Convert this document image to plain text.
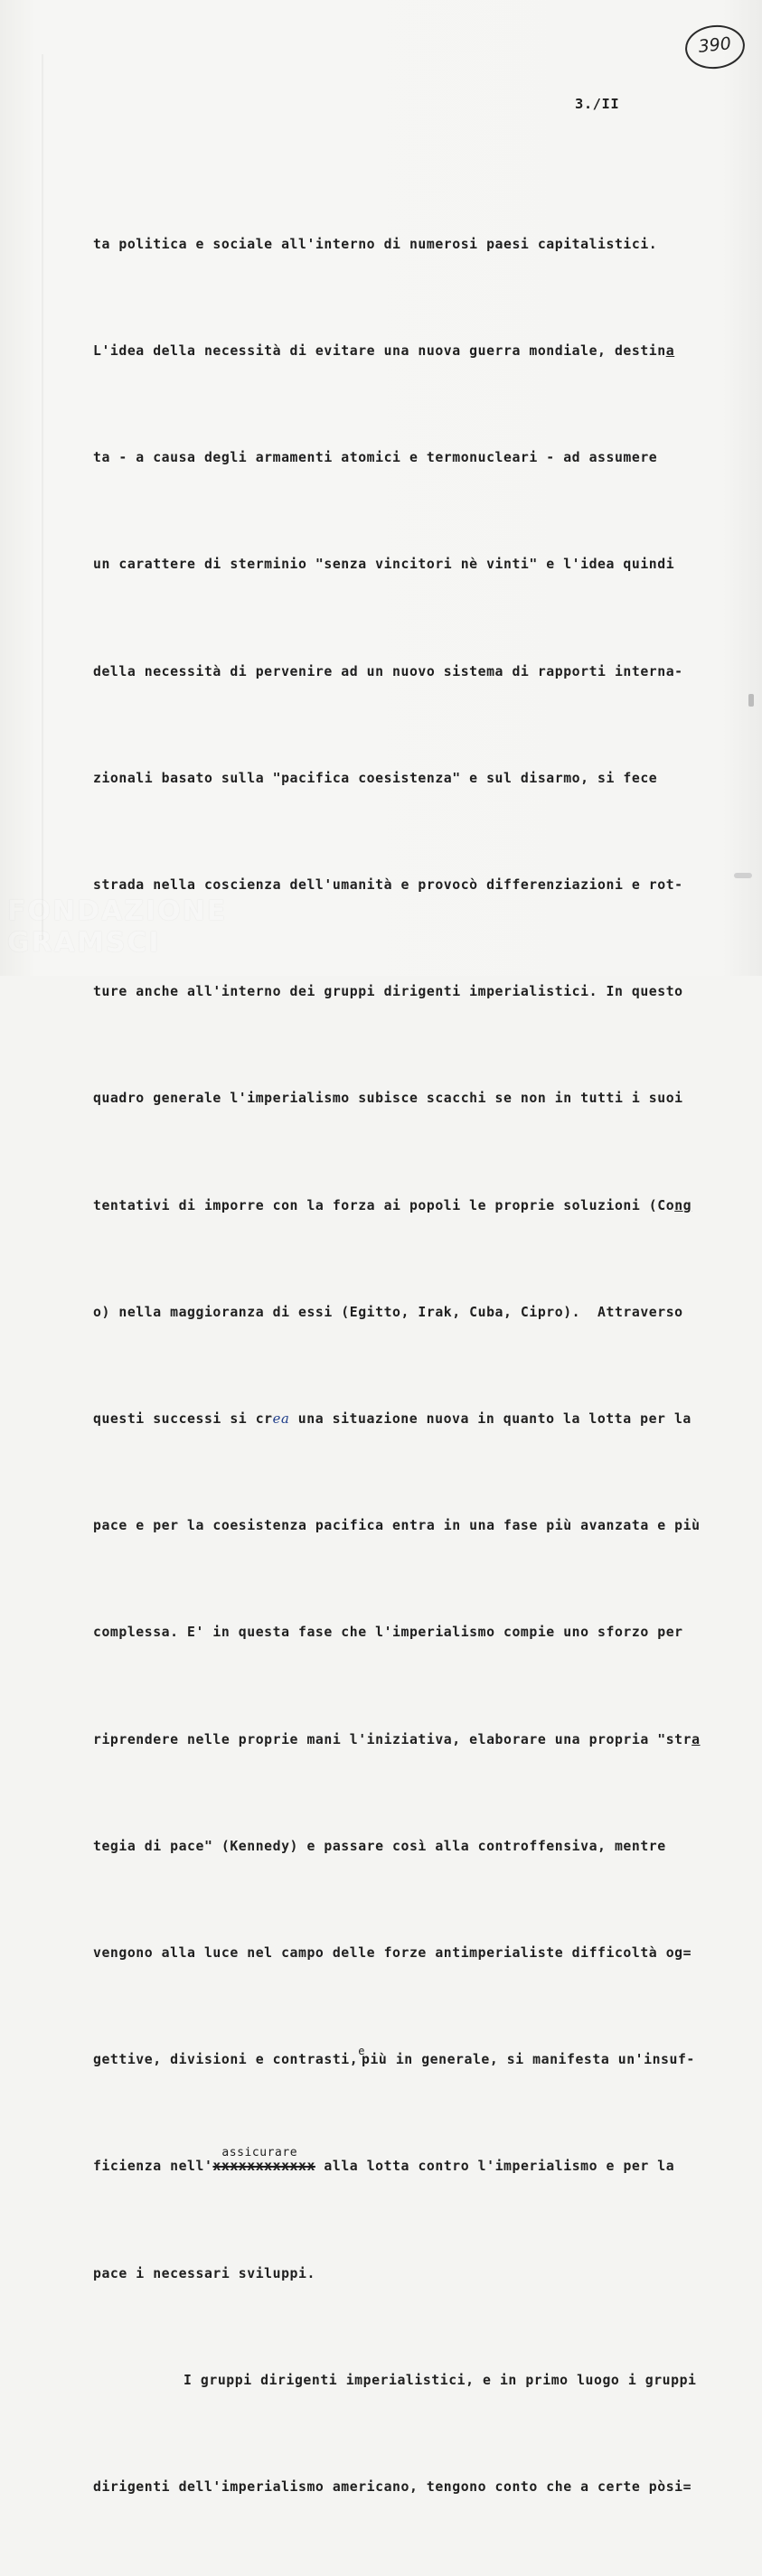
390
3./II

ta politica e sociale all'interno di numerosi paesi capitalistici.

L'idea della necessità di evitare una nuova guerra mondiale, destina

ta - a causa degli armamenti atomici e termonucleari - ad assumere

un carattere di sterminio "senza vincitori nè vinti" e l'idea quindi

della necessità di pervenire ad un nuovo sistema di rapporti interna-

zionali basato sulla "pacifica coesistenza" e sul disarmo, si fece

strada nella coscienza dell'umanità e provocò differenziazioni e rot-

ture anche all'interno dei gruppi dirigenti imperialistici. In questo

quadro generale l'imperialismo subisce scacchi se non in tutti i suoi

tentativi di imporre con la forza ai popoli le proprie soluzioni (Cong

o) nella maggioranza di essi (Egitto, Irak, Cuba, Cipro).  Attraverso

questi successi si crea una situazione nuova in quanto la lotta per la

pace e per la coesistenza pacifica entra in una fase più avanzata e più

complessa. E' in questa fase che l'imperialismo compie uno sforzo per

riprendere nelle proprie mani l'iniziativa, elaborare una propria "stra

tegia di pace" (Kennedy) e passare così alla controffensiva, mentre

vengono alla luce nel campo delle forze antimperialiste difficoltà og=

gettive, divisioni e contrasti,$^e$più in generale, si manifesta un'insuf-

ficienza nell'
assicurare
xxxxxxxxxxxx alla lotta contro l'imperialismo e per la

pace i necessari sviluppi.

I gruppi dirigenti imperialistici, e in primo luogo i gruppi

dirigenti dell'imperialismo americano, tengono conto che a certe pòsi=

FONDAZIONE GRAMSCI
